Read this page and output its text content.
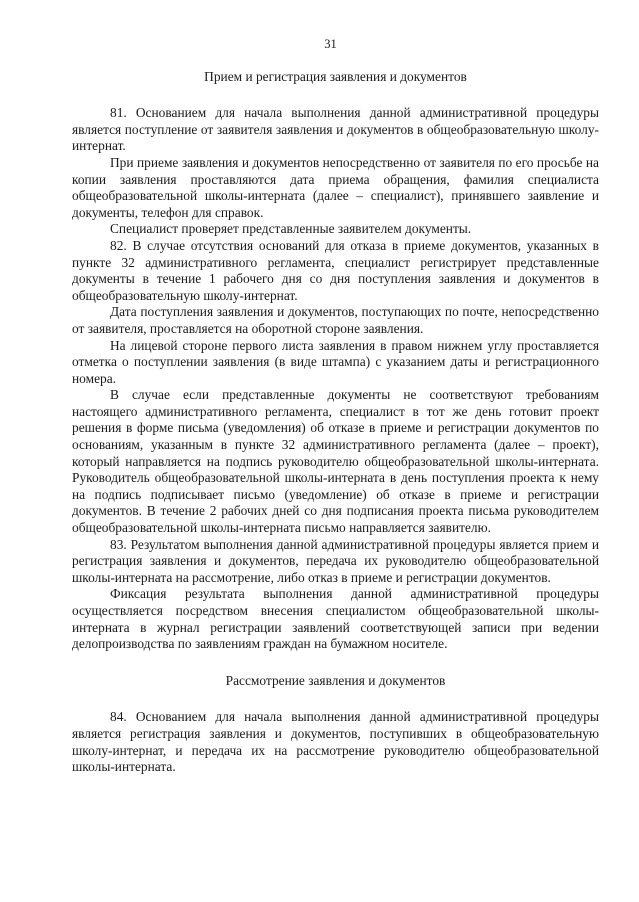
31
Прием и регистрация заявления и документов

81. Основанием для начала выполнения данной административной процедуры является поступление от заявителя заявления и документов в общеобразовательную школу-интернат.

При приеме заявления и документов непосредственно от заявителя по его просьбе на копии заявления проставляются дата приема обращения, фамилия специалиста общеобразовательной школы-интерната (далее – специалист), принявшего заявление и документы, телефон для справок.

Специалист проверяет представленные заявителем документы.

82. В случае отсутствия оснований для отказа в приеме документов, указанных в пункте 32 административного регламента, специалист регистрирует представленные документы в течение 1 рабочего дня со дня поступления заявления и документов в общеобразовательную школу-интернат.

Дата поступления заявления и документов, поступающих по почте, непосредственно от заявителя, проставляется на оборотной стороне заявления.

На лицевой стороне первого листа заявления в правом нижнем углу проставляется отметка о поступлении заявления (в виде штампа) с указанием даты и регистрационного номера.

В случае если представленные документы не соответствуют требованиям настоящего административного регламента, специалист в тот же день готовит проект решения в форме письма (уведомления) об отказе в приеме и регистрации документов по основаниям, указанным в пункте 32 административного регламента (далее – проект), который направляется на подпись руководителю общеобразовательной школы-интерната. Руководитель общеобразовательной школы-интерната в день поступления проекта к нему на подпись подписывает письмо (уведомление) об отказе в приеме и регистрации документов. В течение 2 рабочих дней со дня подписания проекта письма руководителем общеобразовательной школы-интерната письмо направляется заявителю.

83. Результатом выполнения данной административной процедуры является прием и регистрация заявления и документов, передача их руководителю общеобразовательной школы-интерната на рассмотрение, либо отказ в приеме и регистрации документов.

Фиксация результата выполнения данной административной процедуры осуществляется посредством внесения специалистом общеобразовательной школы-интерната в журнал регистрации заявлений соответствующей записи при ведении делопроизводства по заявлениям граждан на бумажном носителе.

Рассмотрение заявления и документов

84. Основанием для начала выполнения данной административной процедуры является регистрация заявления и документов, поступивших в общеобразовательную школу-интернат, и передача их на рассмотрение руководителю общеобразовательной школы-интерната.
